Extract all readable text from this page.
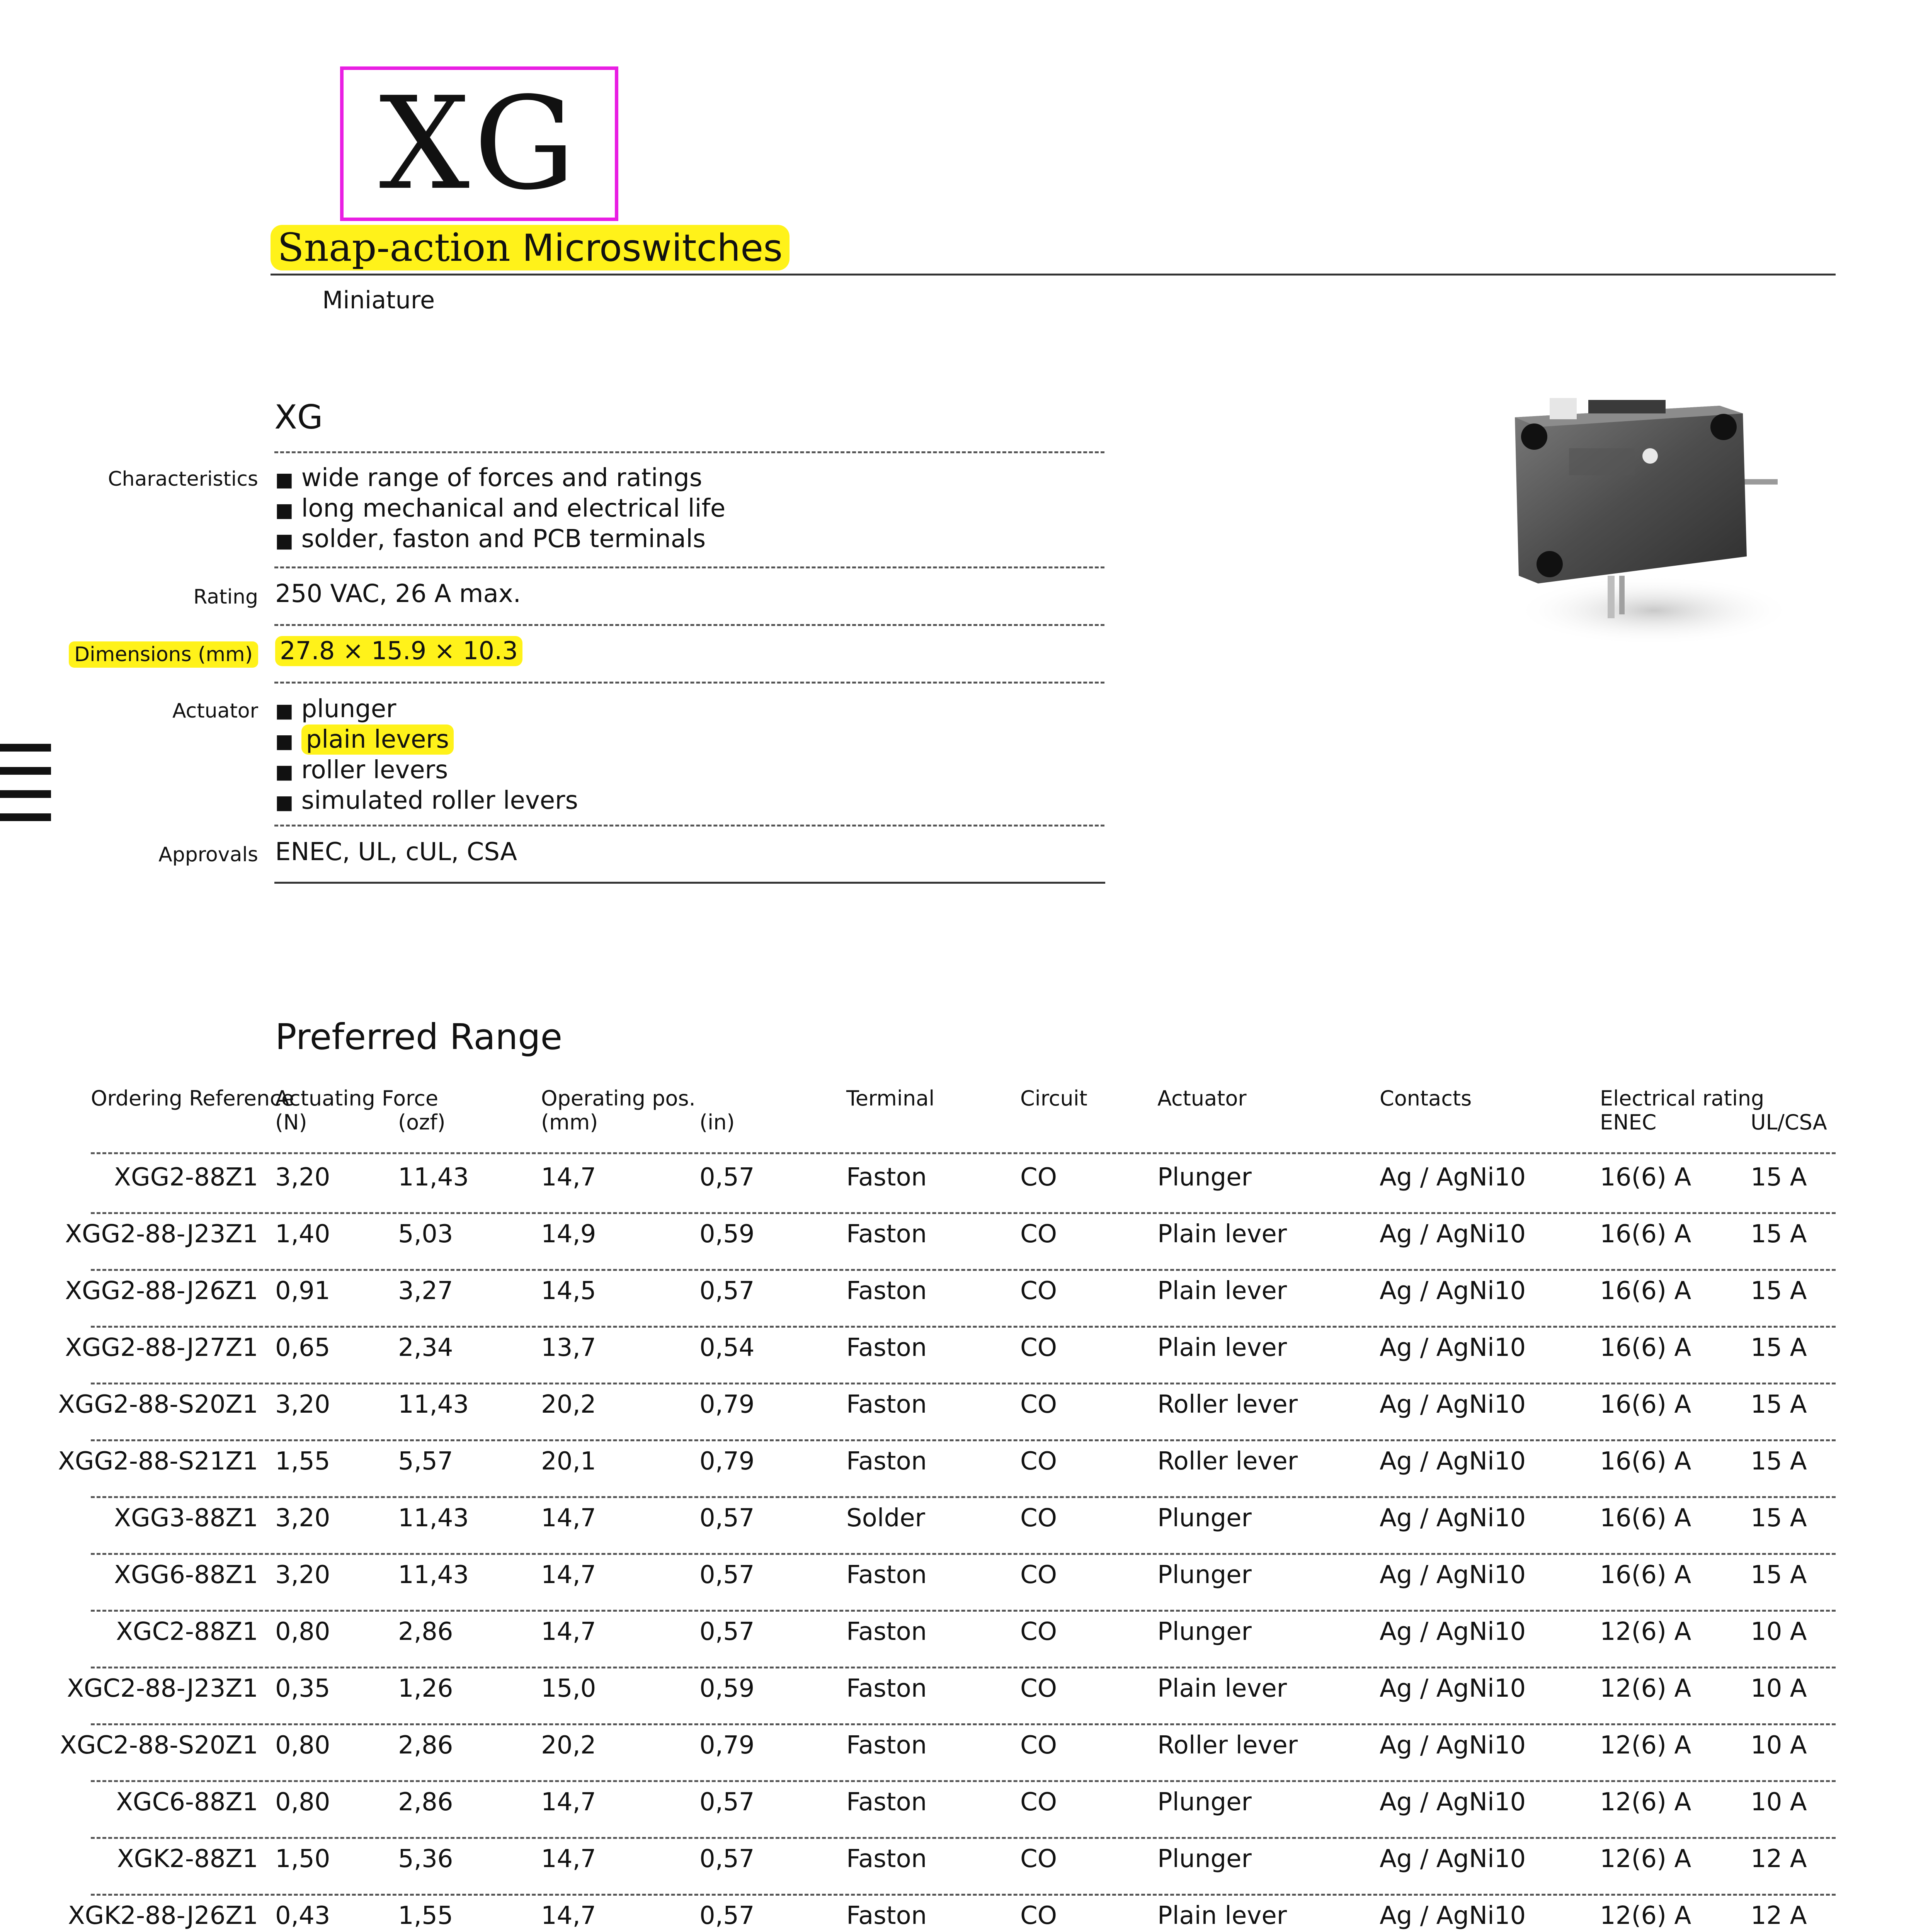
XG
Snap-action Microswitches
Miniature
XG
Characteristics ■ wide range of forces and ratings
■ long mechanical and electrical life
■ solder, faston and PCB terminals
Rating 250 VAC, 26 A max.
Dimensions (mm) 27.8 × 15.9 × 10.3
Actuator ■ plunger
■ plain levers
■ roller levers
■ simulated roller levers
Approvals ENEC, UL, cUL, CSA
Preferred Range
Ordering Reference
Actuating Force
(N)	(ozf)
Operating pos.
(mm)	(in)
Terminal	Circuit	Actuator	Contacts	Electrical rating
ENEC	UL/CSA
XGG2-88Z1 3,20	11,43	14,7	0,57	Faston	CO	Plunger	Ag / AgNi10	16(6) A 15 A
XGG2-88-J23Z1 1,40	5,03	14,9	0,59	Faston	CO	Plain lever	Ag / AgNi10	16(6) A 15 A
XGG2-88-J26Z1 0,91	3,27	14,5	0,57	Faston	CO	Plain lever	Ag / AgNi10	16(6) A 15 A
XGG2-88-J27Z1 0,65	2,34	13,7	0,54	Faston	CO	Plain lever	Ag / AgNi10	16(6) A 15 A
XGG2-88-S20Z1 3,20	11,43	20,2	0,79	Faston	CO	Roller lever	Ag / AgNi10	16(6) A 15 A
XGG2-88-S21Z1 1,55	5,57	20,1	0,79	Faston	CO	Roller lever	Ag / AgNi10	16(6) A 15 A
XGG3-88Z1 3,20	11,43	14,7	0,57	Solder	CO	Plunger	Ag / AgNi10	16(6) A 15 A
XGG6-88Z1 3,20	11,43	14,7	0,57	Faston	CO	Plunger	Ag / AgNi10	16(6) A 15 A
XGC2-88Z1 0,80	2,86	14,7	0,57	Faston	CO	Plunger	Ag / AgNi10	12(6) A 10 A
XGC2-88-J23Z1 0,35	1,26	15,0	0,59	Faston	CO	Plain lever	Ag / AgNi10	12(6) A 10 A
XGC2-88-S20Z1 0,80	2,86	20,2	0,79	Faston	CO	Roller lever	Ag / AgNi10	12(6) A 10 A
XGC6-88Z1 0,80	2,86	14,7	0,57	Faston	CO	Plunger	Ag / AgNi10	12(6) A 10 A
XGK2-88Z1 1,50	5,36	14,7	0,57	Faston	CO	Plunger	Ag / AgNi10	12(6) A 12 A
XGK2-88-J26Z1 0,43	1,55	14,7	0,57	Faston	CO	Plain lever	Ag / AgNi10	12(6) A 12 A
